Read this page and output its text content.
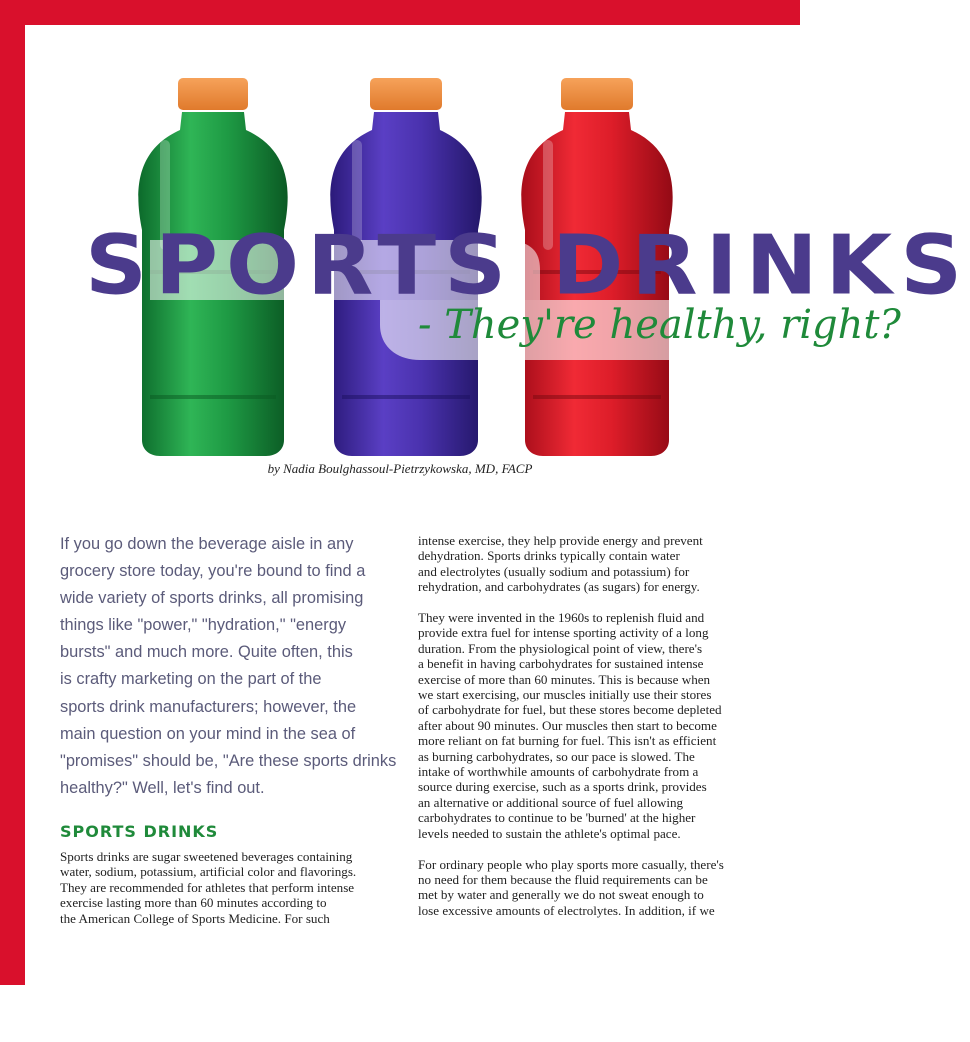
SPORTS DRINKS
- They're healthy, right?
by Nadia Boulghassoul-Pietrzykowska, MD, FACP
If you go down the beverage aisle in any
grocery store today, you're bound to find a
wide variety of sports drinks, all promising
things like "power," "hydration," "energy
bursts" and much more. Quite often, this
is crafty marketing on the part of the
sports drink manufacturers; however, the
main question on your mind in the sea of
"promises" should be, "Are these sports drinks
healthy?" Well, let's find out.
SPORTS DRINKS
Sports drinks are sugar sweetened beverages containing
water, sodium, potassium, artificial color and flavorings.
They are recommended for athletes that perform intense
exercise lasting more than 60 minutes according to
the American College of Sports Medicine. For such
intense exercise, they help provide energy and prevent
dehydration. Sports drinks typically contain water
and electrolytes (usually sodium and potassium) for
rehydration, and carbohydrates (as sugars) for energy.
They were invented in the 1960s to replenish fluid and
provide extra fuel for intense sporting activity of a long
duration. From the physiological point of view, there's
a benefit in having carbohydrates for sustained intense
exercise of more than 60 minutes. This is because when
we start exercising, our muscles initially use their stores
of carbohydrate for fuel, but these stores become depleted
after about 90 minutes. Our muscles then start to become
more reliant on fat burning for fuel. This isn't as efficient
as burning carbohydrates, so our pace is slowed. The
intake of worthwhile amounts of carbohydrate from a
source during exercise, such as a sports drink, provides
an alternative or additional source of fuel allowing
carbohydrates to continue to be 'burned' at the higher
levels needed to sustain the athlete's optimal pace.
For ordinary people who play sports more casually, there's
no need for them because the fluid requirements can be
met by water and generally we do not sweat enough to
lose excessive amounts of electrolytes. In addition, if we
